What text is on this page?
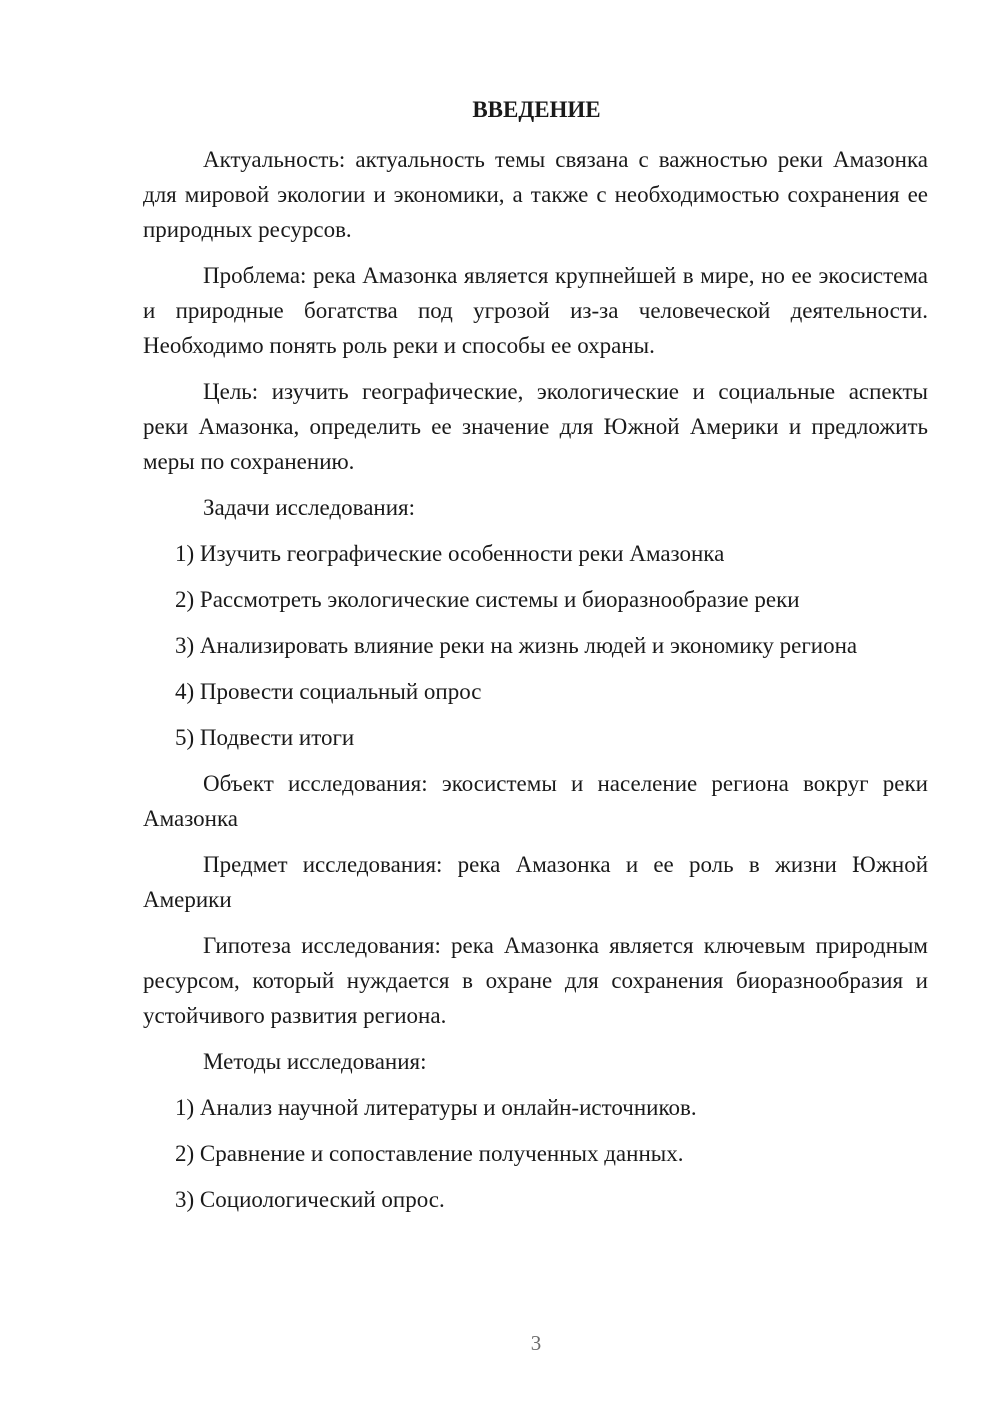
ВВЕДЕНИЕ

Актуальность: актуальность темы связана с важностью реки Амазонка для мировой экологии и экономики, а также с необходимостью сохранения ее природных ресурсов.

Проблема: река Амазонка является крупнейшей в мире, но ее экосистема и природные богатства под угрозой из-за человеческой деятельности. Необходимо понять роль реки и способы ее охраны.

Цель: изучить географические, экологические и социальные аспекты реки Амазонка, определить ее значение для Южной Америки и предложить меры по сохранению.

Задачи исследования:

1) Изучить географические особенности реки Амазонка
2) Рассмотреть экологические системы и биоразнообразие реки
3) Анализировать влияние реки на жизнь людей и экономику региона
4) Провести социальный опрос
5) Подвести итоги

Объект исследования: экосистемы и население региона вокруг реки Амазонка

Предмет исследования: река Амазонка и ее роль в жизни Южной Америки

Гипотеза исследования: река Амазонка является ключевым природным ресурсом, который нуждается в охране для сохранения биоразнообразия и устойчивого развития региона.

Методы исследования:

1) Анализ научной литературы и онлайн-источников.
2) Сравнение и сопоставление полученных данных.
3) Социологический опрос.
3
